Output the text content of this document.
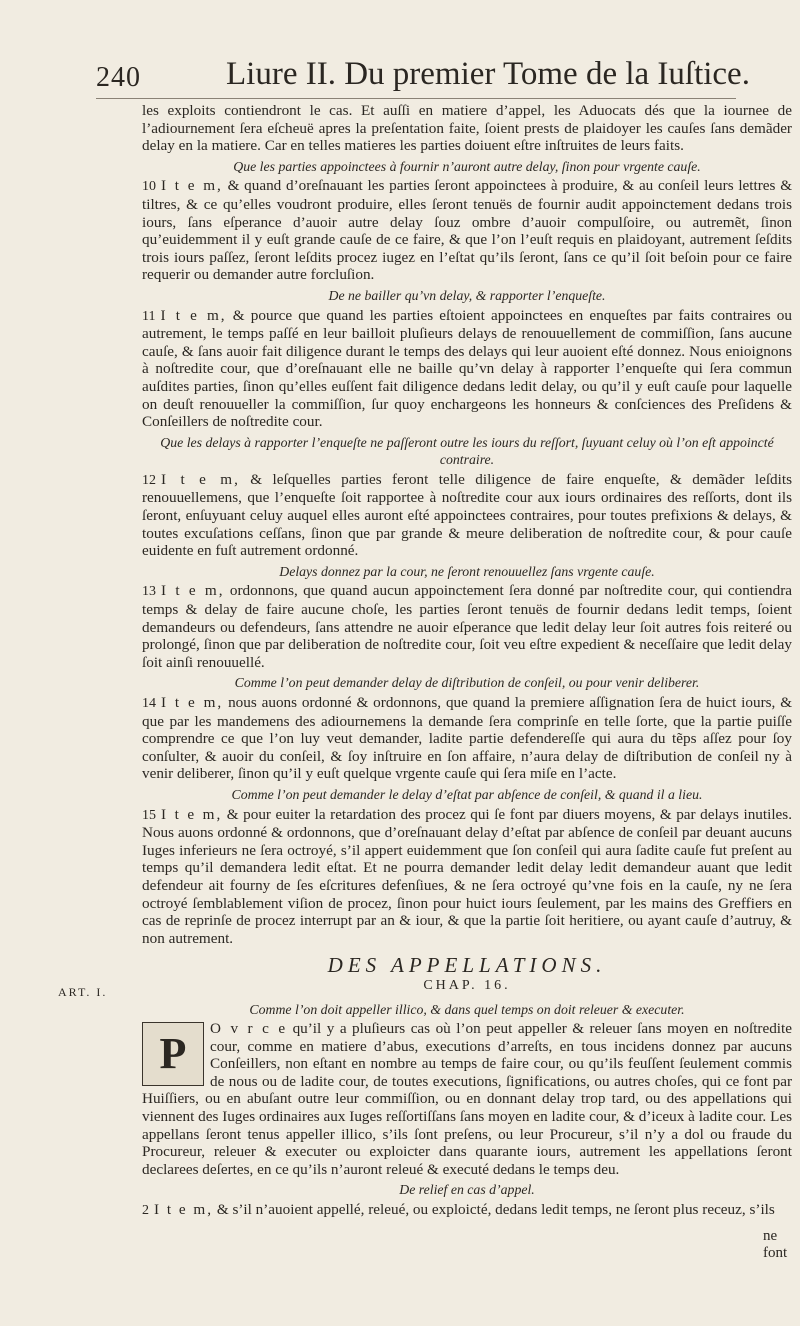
240	Liure II. Du premier Tome de la Iuſtice.

les exploits contiendront le cas. Et auſſi en matiere d’appel, les Aduocats dés que la iournee de l’adiournement ſera eſcheuë apres la preſentation faite, ſoient prests de plaidoyer les cauſes ſans demãder delay en la matiere. Car en telles matieres les parties doiuent eſtre inſtruites de leurs faits.

Que les parties appoinctees à fournir n’auront autre delay, ſinon pour vrgente cauſe.

10 I t e m, & quand d’oreſnauant les parties ſeront appoinctees à produire, & au conſeil leurs lettres & tiltres, & ce qu’elles voudront produire, elles ſeront tenuës de fournir audit appoinctement dedans trois iours, ſans eſperance d’auoir autre delay ſouz ombre d’auoir compulſoire, ou autremẽt, ſinon qu’euidemment il y euſt grande cauſe de ce faire, & que l’on l’euſt requis en plaidoyant, autrement ſeſdits trois iours paſſez, ſeront leſdits procez iugez en l’eſtat qu’ils ſeront, ſans ce qu’il ſoit beſoin pour ce faire requerir ou demander autre forcluſion.

De ne bailler qu’vn delay, & rapporter l’enqueſte.

11 I t e m, & pource que quand les parties eſtoient appoinctees en enqueſtes par faits contraires ou autrement, le temps paſſé en leur bailloit pluſieurs delays de renouuellement de commiſſion, ſans aucune cauſe, & ſans auoir fait diligence durant le temps des delays qui leur auoient eſté donnez. Nous enioignons à noſtredite cour, que d’oreſnauant elle ne baille qu’vn delay à rapporter l’enqueſte qui ſera commun auſdites parties, ſinon qu’elles euſſent fait diligence dedans ledit delay, ou qu’il y euſt cauſe pour laquelle on deuſt renouueller la commiſſion, ſur quoy enchargeons les honneurs & conſciences des Preſidens & Conſeillers de noſtredite cour.

Que les delays à rapporter l’enqueſte ne paſſeront outre les iours du reſſort, ſuyuant celuy où l’on eſt appoincté contraire.

12 I t e m, & leſquelles parties feront telle diligence de faire enqueſte, & demãder leſdits renouuellemens, que l’enqueſte ſoit rapportee à noſtredite cour aux iours ordinaires des reſſorts, dont ils ſeront, enſuyuant celuy auquel elles auront eſté appoinctees contraires, pour toutes prefixions & delays, & toutes excuſations ceſſans, ſinon que par grande & meure deliberation de noſtredite cour, & pour cauſe euidente en fuſt autrement ordonné.

Delays donnez par la cour, ne ſeront renouuellez ſans vrgente cauſe.

13 I t e m, ordonnons, que quand aucun appoinctement ſera donné par noſtredite cour, qui contiendra temps & delay de faire aucune choſe, les parties ſeront tenuës de fournir dedans ledit temps, ſoient demandeurs ou defendeurs, ſans attendre ne auoir eſperance que ledit delay leur ſoit autres fois reiteré ou prolongé, ſinon que par deliberation de noſtredite cour, ſoit veu eſtre expedient & neceſſaire que ledit delay ſoit ainſi renouuellé.

Comme l’on peut demander delay de diſtribution de conſeil, ou pour venir deliberer.

14 I t e m, nous auons ordonné & ordonnons, que quand la premiere aſſignation ſera de huict iours, & que par les mandemens des adiournemens la demande ſera comprinſe en telle ſorte, que la partie puiſſe comprendre ce que l’on luy veut demander, ladite partie defendereſſe qui aura du tẽps aſſez pour ſoy conſulter, & auoir du conſeil, & ſoy inſtruire en ſon affaire, n’aura delay de diſtribution de conſeil ny à venir deliberer, ſinon qu’il y euſt quelque vrgente cauſe qui ſera miſe en l’acte.

Comme l’on peut demander le delay d’eſtat par abſence de conſeil, & quand il a lieu.

15 I t e m, & pour euiter la retardation des procez qui ſe font par diuers moyens, & par delays inutiles. Nous auons ordonné & ordonnons, que d’oreſnauant delay d’eſtat par abſence de conſeil par deuant aucuns Iuges inferieurs ne ſera octroyé, s’il appert euidemment que ſon conſeil qui aura ſadite cauſe fut preſent au temps qu’il demandera ledit eſtat. Et ne pourra demander ledit delay ledit demandeur auant que ledit defendeur ait fourny de ſes eſcritures defenſiues, & ne ſera octroyé qu’vne fois en la cauſe, ny ne ſera octroyé ſemblablement viſion de procez, ſinon pour huict iours ſeulement, par les mains des Greffiers en cas de reprinſe de procez interrupt par an & iour, & que la partie ſoit heritiere, ou ayant cauſe d’autruy, & non autrement.

DES APPELLATIONS.

CHAP. 16.

Comme l’on doit appeller illico, & dans quel temps on doit releuer & executer.

P
O v r c e qu’il y a pluſieurs cas où l’on peut appeller & releuer ſans moyen en noſtredite cour, comme en matiere d’abus, executions d’arreſts, en tous incidens donnez par aucuns Conſeillers, non eſtant en nombre au temps de faire cour, ou qu’ils feuſſent ſeulement commis de nous ou de ladite cour, de toutes executions, ſignifications, ou autres choſes, qui ce font par Huiſſiers, ou en abuſant outre leur commiſſion, ou en donnant delay trop tard, ou des appellations qui viennent des Iuges ordinaires aux Iuges reſſortiſſans ſans moyen en ladite cour, & d’iceux à ladite cour. Les appellans ſeront tenus appeller illico, s’ils ſont preſens, ou leur Procureur, s’il n’y a dol ou fraude du Procureur, releuer & executer ou exploicter dans quarante iours, autrement les appellations ſeront declarees deſertes, en ce qu’ils n’auront releué & executé dedans le temps deu.

De relief en cas d’appel.

2 I t e m, & s’il n’auoient appellé, releué, ou exploicté, dedans ledit temps, ne ſeront plus receuz, s’ils

ART. I.
ne font
